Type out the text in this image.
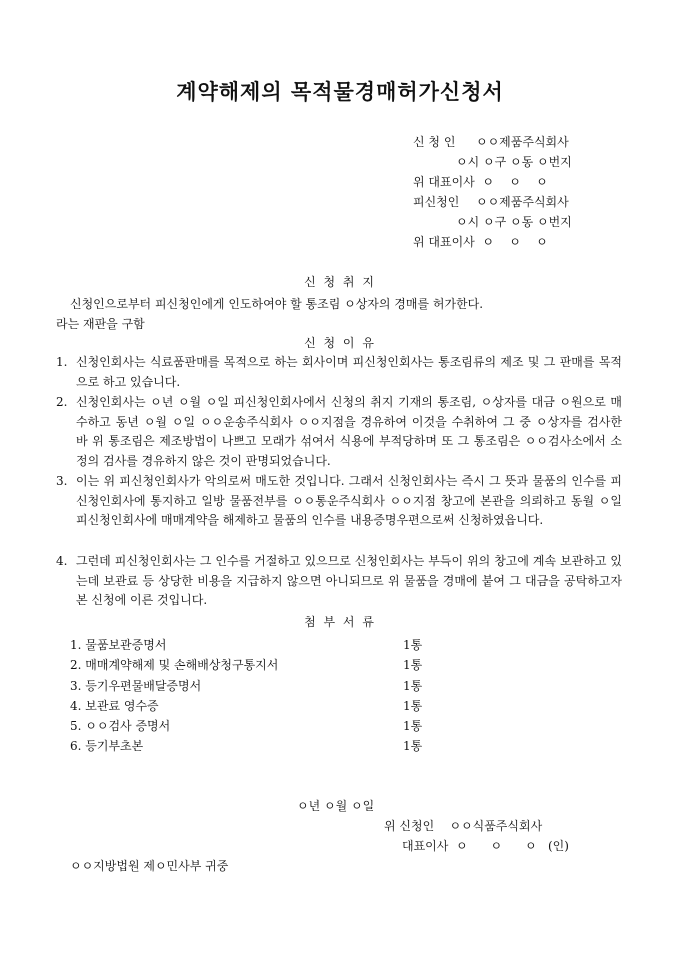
계약해제의 목적물경매허가신청서
신 청 인 ㅇㅇ제품주식회사
ㅇ시 ㅇ구 ㅇ동 ㅇ번지
위 대표이사  ㅇ    ㅇ    ㅇ
피신청인 ㅇㅇ제품주식회사
ㅇ시 ㅇ구 ㅇ동 ㅇ번지
위 대표이사  ㅇ    ㅇ    ㅇ
신 청 취 지
신청인으로부터 피신청인에게 인도하여야 할 통조림 ㅇ상자의 경매를 허가한다.
라는 재판을 구함
신 청 이 유
1. 신청인회사는 식료품판매를 목적으로 하는 회사이며 피신청인회사는 통조림류의 제조 및 그 판매를 목적으로 하고 있습니다.
2. 신청인회사는 ㅇ년 ㅇ월 ㅇ일 피신청인회사에서 신청의 취지 기재의 통조림, ㅇ상자를 대금 ㅇ원으로 매수하고 동년 ㅇ월 ㅇ일 ㅇㅇ운송주식회사 ㅇㅇ지점을 경유하여 이것을 수취하여 그 중 ㅇ상자를 검사한 바 위 통조림은 제조방법이 나쁘고 모래가 섞여서 식용에 부적당하며 또 그 통조림은 ㅇㅇ검사소에서 소정의 검사를 경유하지 않은 것이 판명되었습니다.
3. 이는 위 피신청인회사가 악의로써 매도한 것입니다. 그래서 신청인회사는 즉시 그 뜻과 물품의 인수를 피신청인회사에 통지하고 일방 물품전부를 ㅇㅇ통운주식회사 ㅇㅇ지점 창고에 본관을 의뢰하고 동월 ㅇ일 피신청인회사에 매매계약을 해제하고 물품의 인수를 내용증명우편으로써 신청하였읍니다.
4. 그런데 피신청인회사는 그 인수를 거절하고 있으므로 신청인회사는 부득이 위의 창고에 계속 보관하고 있는데 보관료 등 상당한 비용을 지급하지 않으면 아니되므로 위 물품을 경매에 붙여 그 대금을 공탁하고자 본 신청에 이른 것입니다.
첨 부 서 류
1. 물품보관증명서	1통
2. 매매계약해제 및 손해배상청구통지서	1통
3. 등기우편물배달증명서	1통
4. 보관료 영수증	1통
5. ㅇㅇ검사 증명서	1통
6. 등기부초본	1통
ㅇ년 ㅇ월 ㅇ일
위 신청인    ㅇㅇ식품주식회사
대표이사  ㅇ      ㅇ      ㅇ   (인)
ㅇㅇ지방법원 제ㅇ민사부 귀중
